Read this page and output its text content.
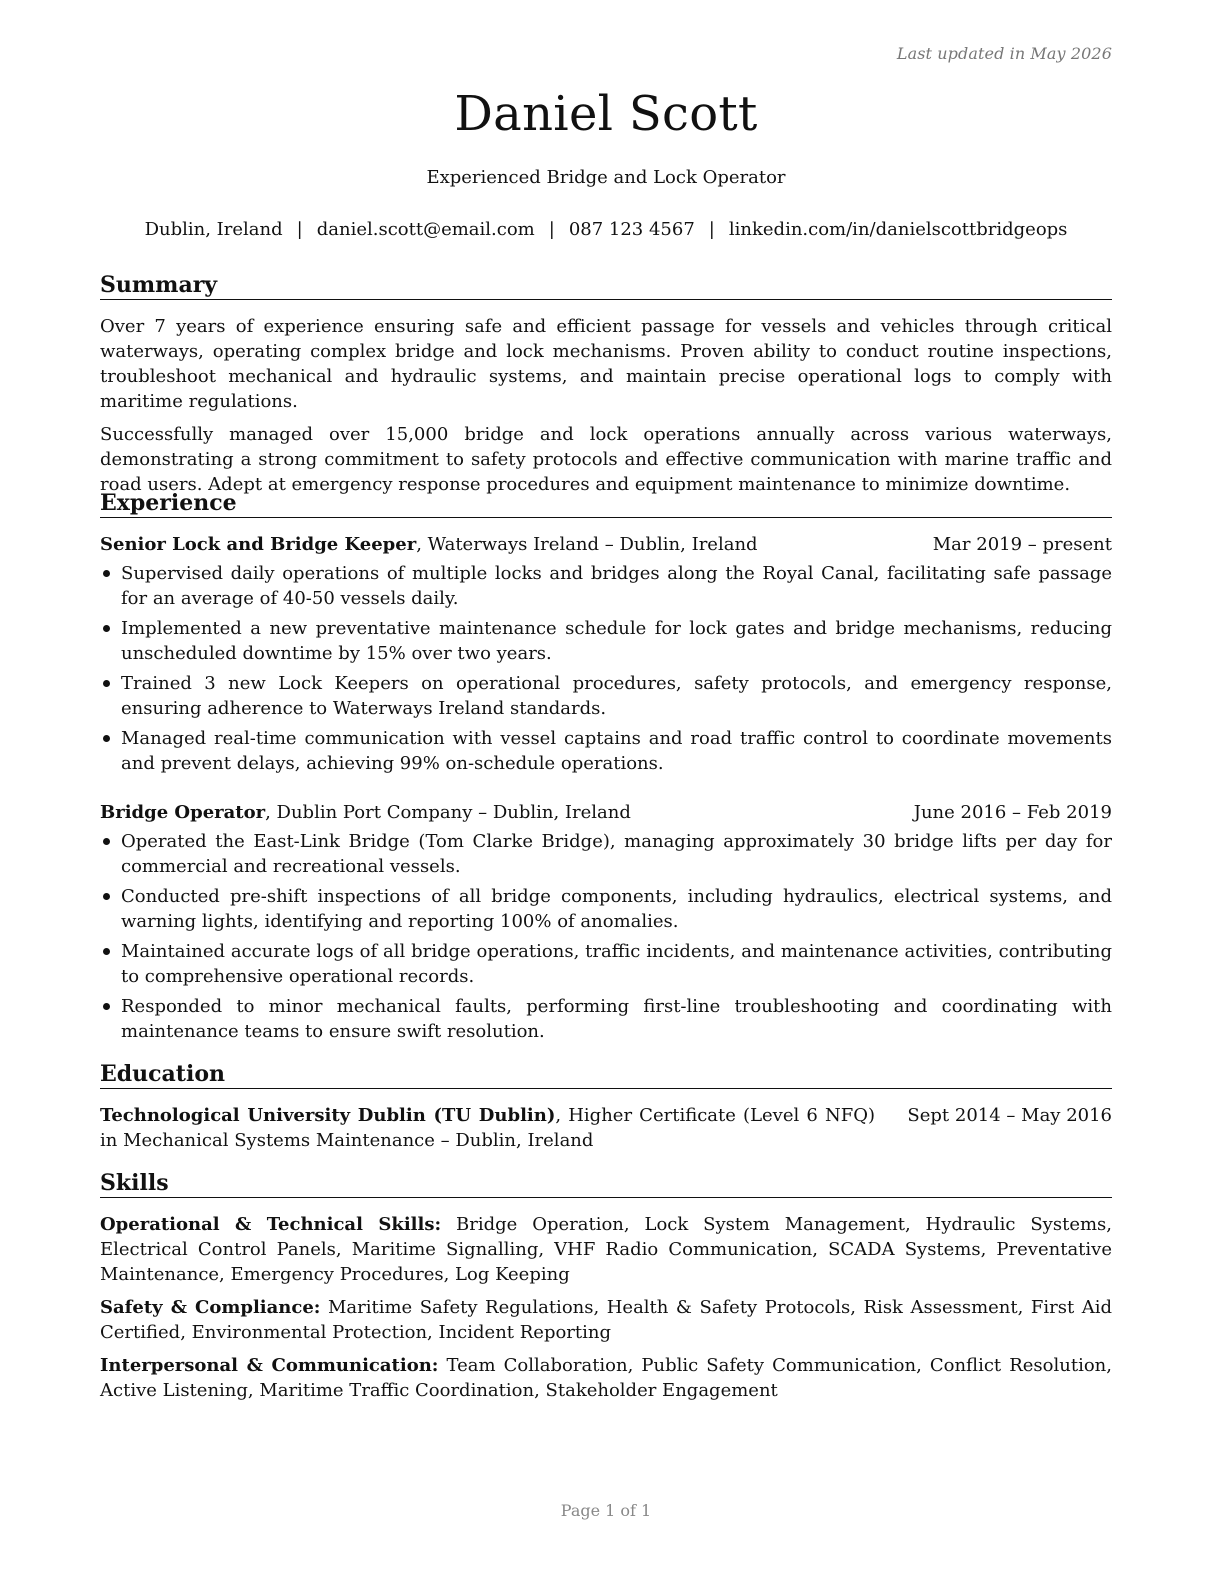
Last updated in May 2026
Daniel Scott
Experienced Bridge and Lock Operator
Dublin, Ireland | daniel.scott@email.com | 087 123 4567 | linkedin.com/in/danielscottbridgeops
Summary

Over 7 years of experience ensuring safe and efficient passage for vessels and vehicles through critical waterways, operating complex bridge and lock mechanisms. Proven ability to conduct routine inspections, troubleshoot mechanical and hydraulic systems, and maintain precise operational logs to comply with maritime regulations.

Successfully managed over 15,000 bridge and lock operations annually across various waterways, demonstrating a strong commitment to safety protocols and effective communication with marine traffic and road users. Adept at emergency response procedures and equipment maintenance to minimize downtime.

Experience
Senior Lock and Bridge Keeper, Waterways Ireland – Dublin, Ireland	Mar 2019 – present
Supervised daily operations of multiple locks and bridges along the Royal Canal, facilitating safe passage for an average of 40-50 vessels daily.
Implemented a new preventative maintenance schedule for lock gates and bridge mechanisms, reducing unscheduled downtime by 15% over two years.
Trained 3 new Lock Keepers on operational procedures, safety protocols, and emergency response, ensuring adherence to Waterways Ireland standards.
Managed real-time communication with vessel captains and road traffic control to coordinate movements and prevent delays, achieving 99% on-schedule operations.
Bridge Operator, Dublin Port Company – Dublin, Ireland	June 2016 – Feb 2019
Operated the East-Link Bridge (Tom Clarke Bridge), managing approximately 30 bridge lifts per day for commercial and recreational vessels.
Conducted pre-shift inspections of all bridge components, including hydraulics, electrical systems, and warning lights, identifying and reporting 100% of anomalies.
Maintained accurate logs of all bridge operations, traffic incidents, and maintenance activities, contributing to comprehensive operational records.
Responded to minor mechanical faults, performing first-line troubleshooting and coordinating with maintenance teams to ensure swift resolution.
Education
Technological University Dublin (TU Dublin), Higher Certificate (Level 6 NFQ) in Mechanical Systems Maintenance – Dublin, Ireland
Sept 2014 – May 2016
Skills

Operational & Technical Skills: Bridge Operation, Lock System Management, Hydraulic Systems, Electrical Control Panels, Maritime Signalling, VHF Radio Communication, SCADA Systems, Preventative Maintenance, Emergency Procedures, Log Keeping

Safety & Compliance: Maritime Safety Regulations, Health & Safety Protocols, Risk Assessment, First Aid Certified, Environmental Protection, Incident Reporting

Interpersonal & Communication: Team Collaboration, Public Safety Communication, Conflict Resolution, Active Listening, Maritime Traffic Coordination, Stakeholder Engagement

Page 1 of 1
